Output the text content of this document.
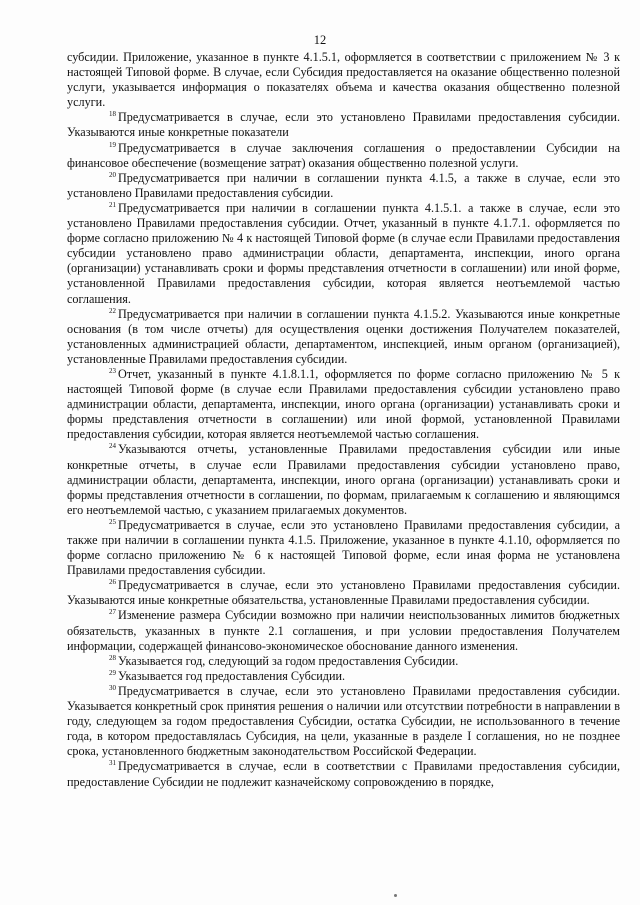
12

субсидии. Приложение, указанное в пункте 4.1.5.1, оформляется в соответствии с приложением № 3 к настоящей Типовой форме. В случае, если Субсидия предоставляется на оказание общественно полезной услуги, указывается информация о показателях объема и качества оказания общественно полезной услуги.

$^{18}$ Предусматривается в случае, если это установлено Правилами предоставления субсидии. Указываются иные конкретные показатели

$^{19}$ Предусматривается в случае заключения соглашения о предоставлении Субсидии на финансовое обеспечение (возмещение затрат) оказания общественно полезной услуги.

$^{20}$ Предусматривается при наличии в соглашении пункта 4.1.5, а также в случае, если это установлено Правилами предоставления субсидии.

$^{21}$ Предусматривается при наличии в соглашении пункта 4.1.5.1. а также в случае, если это установлено Правилами предоставления субсидии. Отчет, указанный в пункте 4.1.7.1. оформляется по форме согласно приложению № 4 к настоящей Типовой форме (в случае если Правилами предоставления субсидии установлено право администрации области, департамента, инспекции, иного органа (организации) устанавливать сроки и формы представления отчетности в соглашении) или иной форме, установленной Правилами предоставления субсидии, которая является неотъемлемой частью соглашения.

$^{22}$ Предусматривается при наличии в соглашении пункта 4.1.5.2. Указываются иные конкретные основания (в том числе отчеты) для осуществления оценки достижения Получателем показателей, установленных администрацией области, департаментом, инспекцией, иным органом (организацией), установленные Правилами предоставления субсидии.

$^{23}$ Отчет, указанный в пункте 4.1.8.1.1, оформляется по форме согласно приложению № 5 к настоящей Типовой форме (в случае если Правилами предоставления субсидии установлено право администрации области, департамента, инспекции, иного органа (организации) устанавливать сроки и формы представления отчетности в соглашении) или иной формой, установленной Правилами предоставления субсидии, которая является неотъемлемой частью соглашения.

$^{24}$ Указываются отчеты, установленные Правилами предоставления субсидии или иные конкретные отчеты, в случае если Правилами предоставления субсидии установлено право, администрации области, департамента, инспекции, иного органа (организации) устанавливать сроки и формы представления отчетности в соглашении, по формам, прилагаемым к соглашению и являющимся его неотъемлемой частью, с указанием прилагаемых документов.

$^{25}$ Предусматривается в случае, если это установлено Правилами предоставления субсидии, а также при наличии в соглашении пункта 4.1.5. Приложение, указанное в пункте 4.1.10, оформляется по форме согласно приложению № 6 к настоящей Типовой форме, если иная форма не установлена Правилами предоставления субсидии.

$^{26}$ Предусматривается в случае, если это установлено Правилами предоставления субсидии. Указываются иные конкретные обязательства, установленные Правилами предоставления субсидии.

$^{27}$ Изменение размера Субсидии возможно при наличии неиспользованных лимитов бюджетных обязательств, указанных в пункте 2.1 соглашения, и при условии предоставления Получателем информации, содержащей финансово-экономическое обоснование данного изменения.

$^{28}$ Указывается год, следующий за годом предоставления Субсидии.

$^{29}$ Указывается год предоставления Субсидии.

$^{30}$ Предусматривается в случае, если это установлено Правилами предоставления субсидии. Указывается конкретный срок принятия решения о наличии или отсутствии потребности в направлении в году, следующем за годом предоставления Субсидии, остатка Субсидии, не использованного в течение года, в котором предоставлялась Субсидия, на цели, указанные в разделе I соглашения, но не позднее срока, установленного бюджетным законодательством Российской Федерации.

$^{31}$ Предусматривается в случае, если в соответствии с Правилами предоставления субсидии, предоставление Субсидии не подлежит казначейскому сопровождению в порядке,
